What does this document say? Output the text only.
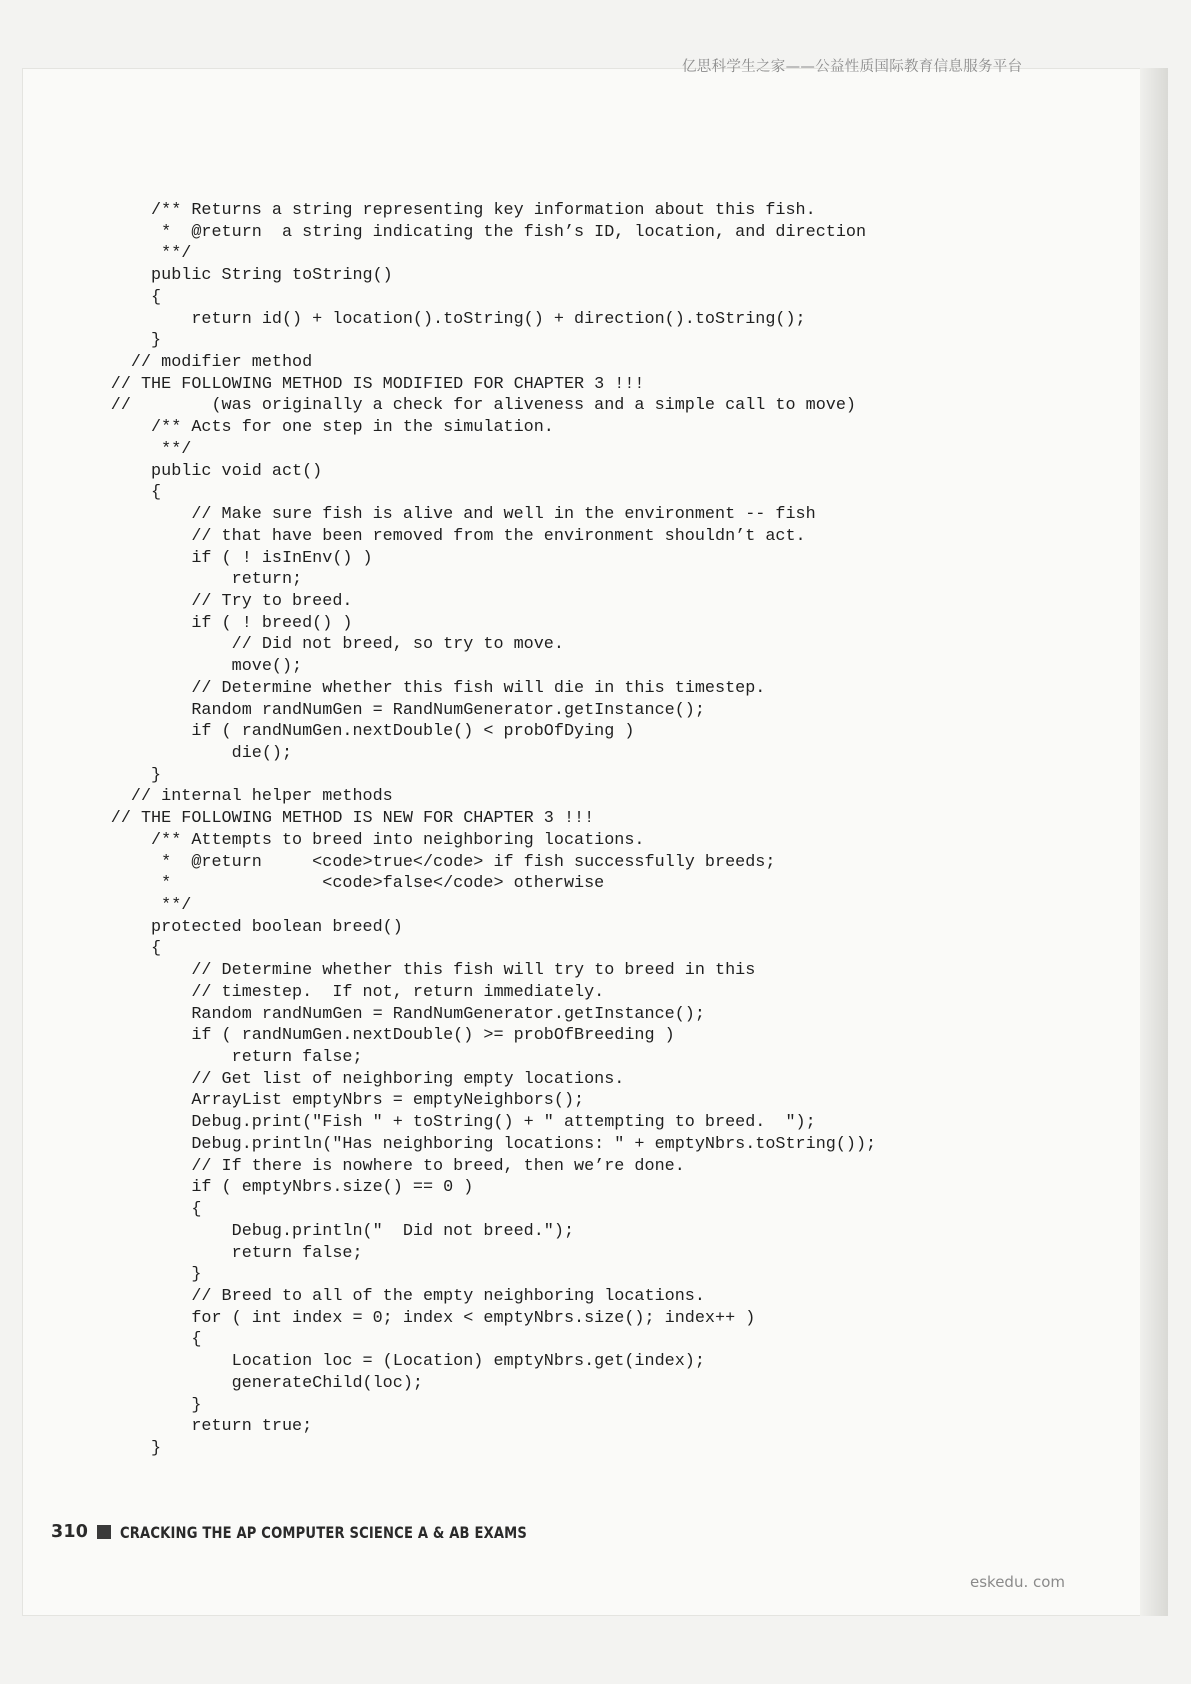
亿思科学生之家——公益性质国际教育信息服务平台
/** Returns a string representing key information about this fish.
*  @return  a string indicating the fish’s ID, location, and direction
**/
public String toString()
{
return id() + location().toString() + direction().toString();
}
// modifier method
// THE FOLLOWING METHOD IS MODIFIED FOR CHAPTER 3 !!!
//        (was originally a check for aliveness and a simple call to move)
/** Acts for one step in the simulation.
**/
public void act()
{
// Make sure fish is alive and well in the environment -- fish
// that have been removed from the environment shouldn’t act.
if ( ! isInEnv() )
return;
// Try to breed.
if ( ! breed() )
// Did not breed, so try to move.
move();
// Determine whether this fish will die in this timestep.
Random randNumGen = RandNumGenerator.getInstance();
if ( randNumGen.nextDouble() < probOfDying )
die();
}
// internal helper methods
// THE FOLLOWING METHOD IS NEW FOR CHAPTER 3 !!!
/** Attempts to breed into neighboring locations.
*  @return     <code>true</code> if fish successfully breeds;
*               <code>false</code> otherwise
**/
protected boolean breed()
{
// Determine whether this fish will try to breed in this
// timestep.  If not, return immediately.
Random randNumGen = RandNumGenerator.getInstance();
if ( randNumGen.nextDouble() >= probOfBreeding )
return false;
// Get list of neighboring empty locations.
ArrayList emptyNbrs = emptyNeighbors();
Debug.print("Fish " + toString() + " attempting to breed.  ");
Debug.println("Has neighboring locations: " + emptyNbrs.toString());
// If there is nowhere to breed, then we’re done.
if ( emptyNbrs.size() == 0 )
{
Debug.println("  Did not breed.");
return false;
}
// Breed to all of the empty neighboring locations.
for ( int index = 0; index < emptyNbrs.size(); index++ )
{
Location loc = (Location) emptyNbrs.get(index);
generateChild(loc);
}
return true;
}
310 CRACKING THE AP COMPUTER SCIENCE A & AB EXAMS
eskedu. com
